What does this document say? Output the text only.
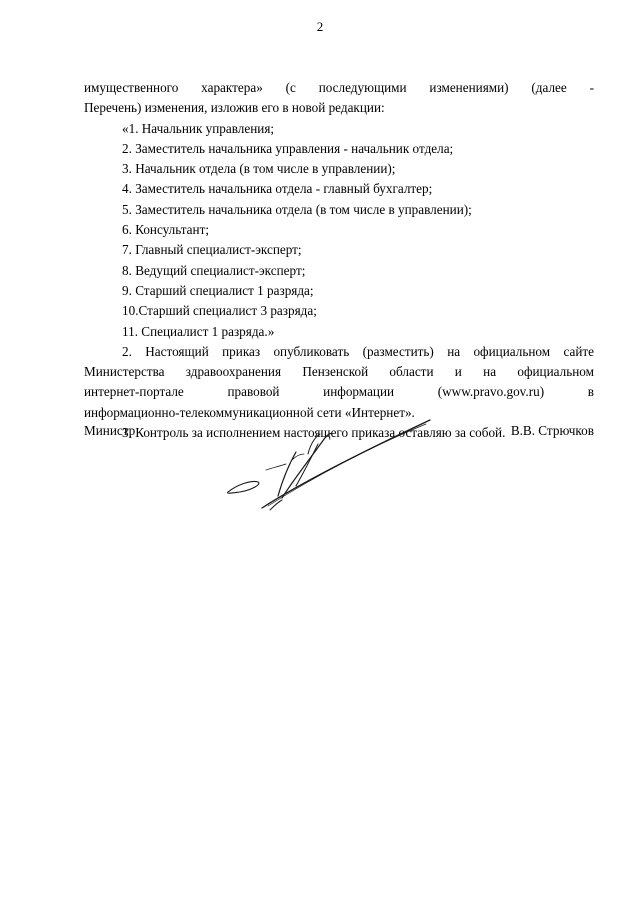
2
имущественного характера» (с последующими изменениями) (далее -
Перечень) изменения, изложив его в новой редакции:
«1. Начальник управления;
2. Заместитель начальника управления - начальник отдела;
3. Начальник отдела (в том числе в управлении);
4. Заместитель начальника отдела - главный бухгалтер;
5. Заместитель начальника отдела (в том числе в управлении);
6. Консультант;
7. Главный специалист-эксперт;
8. Ведущий специалист-эксперт;
9. Старший специалист 1 разряда;
10.Старший специалист 3 разряда;
11. Специалист 1 разряда.»
2. Настоящий приказ опубликовать (разместить) на официальном сайте
Министерства здравоохранения Пензенской области и на официальном
интернет-портале правовой информации (www.pravo.gov.ru) в
информационно-телекоммуникационной сети «Интернет».
3. Контроль за исполнением настоящего приказа оставляю за собой.
Министр	В.В. Стрючков
